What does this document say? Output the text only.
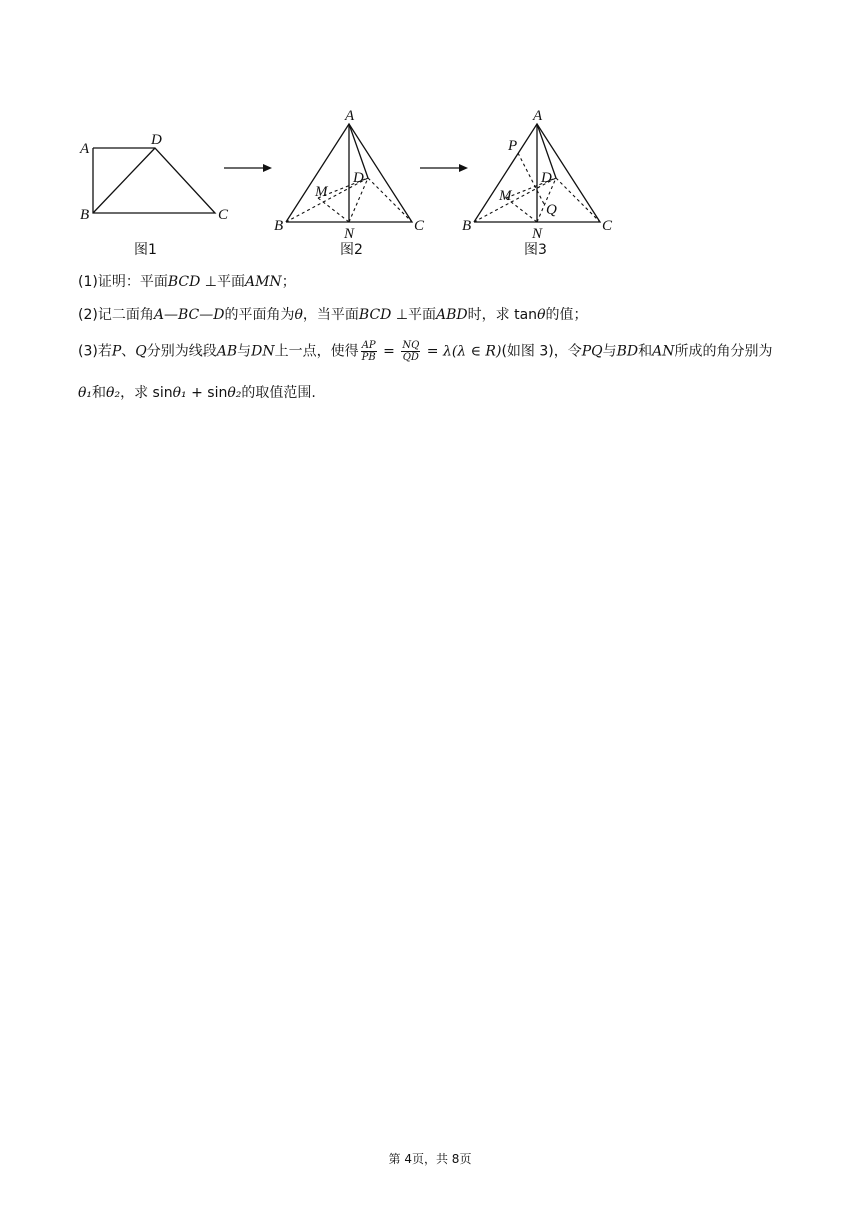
A
B	C
D
图1
A
B	C
D
M
N
图2
A
B	C
D
M
N
P
Q
图3
(1)证明：平面BCD ⊥平面AMN；
(2)记二面角A—BC—D的平面角为θ，当平面BCD ⊥平面ABD时，求 tanθ的值；
(3)若P、Q分别为线段AB与DN上一点，使得 $\frac{AP}{PB} = \frac{NQ}{QD} = \lambda(\lambda$ ∈ R)(如图 3)，令PQ与BD和AN所成的角分别为
θ₁和θ₂，求 sinθ₁ + sinθ₂的取值范围.
第 4页，共 8页
